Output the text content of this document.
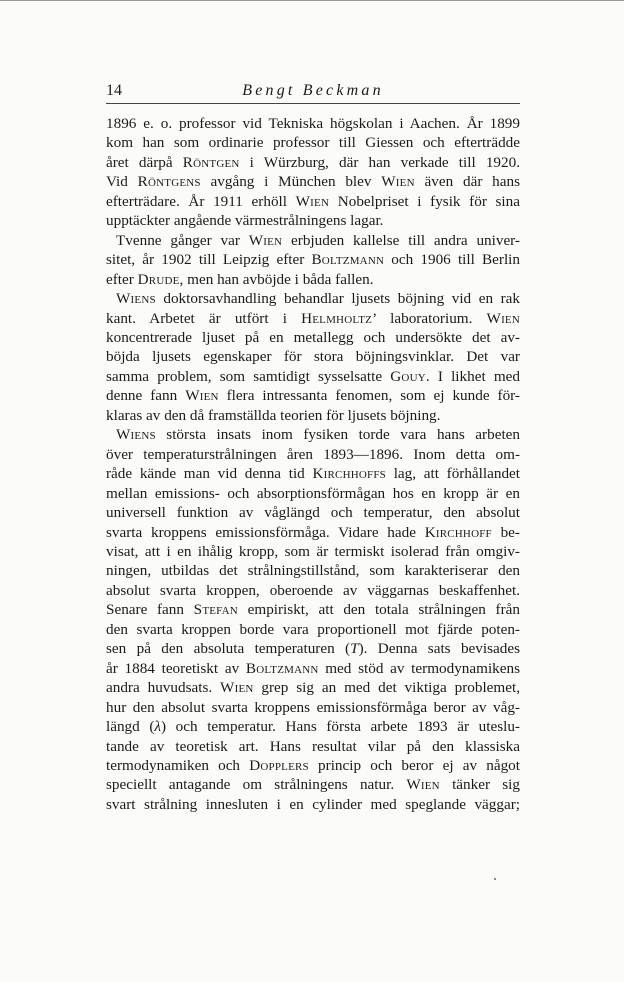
14	Bengt Beckman
1896 e. o. professor vid Tekniska högskolan i Aachen. År 1899
kom han som ordinarie professor till Giessen och efterträdde
året därpå Röntgen i Würzburg, där han verkade till 1920.
Vid Röntgens avgång i München blev Wien även där hans
efterträdare. År 1911 erhöll Wien Nobelpriset i fysik för sina
upptäckter angående värmestrålningens lagar.
Tvenne gånger var Wien erbjuden kallelse till andra univer-
sitet, år 1902 till Leipzig efter Boltzmann och 1906 till Berlin
efter Drude, men han avböjde i båda fallen.
Wiens doktorsavhandling behandlar ljusets böjning vid en rak
kant. Arbetet är utfört i Helmholtz’ laboratorium. Wien
koncentrerade ljuset på en metallegg och undersökte det av-
böjda ljusets egenskaper för stora böjningsvinklar. Det var
samma problem, som samtidigt sysselsatte Gouy. I likhet med
denne fann Wien flera intressanta fenomen, som ej kunde för-
klaras av den då framställda teorien för ljusets böjning.
Wiens största insats inom fysiken torde vara hans arbeten
över temperaturstrålningen åren 1893—1896. Inom detta om-
råde kände man vid denna tid Kirchhoffs lag, att förhållandet
mellan emissions- och absorptionsförmågan hos en kropp är en
universell funktion av våglängd och temperatur, den absolut
svarta kroppens emissionsförmåga. Vidare hade Kirchhoff be-
visat, att i en ihålig kropp, som är termiskt isolerad från omgiv-
ningen, utbildas det strålningstillstånd, som karakteriserar den
absolut svarta kroppen, oberoende av väggarnas beskaffenhet.
Senare fann Stefan empiriskt, att den totala strålningen från
den svarta kroppen borde vara proportionell mot fjärde poten-
sen på den absoluta temperaturen (T). Denna sats bevisades
år 1884 teoretiskt av Boltzmann med stöd av termodynamikens
andra huvudsats. Wien grep sig an med det viktiga problemet,
hur den absolut svarta kroppens emissionsförmåga beror av våg-
längd (λ) och temperatur. Hans första arbete 1893 är uteslu-
tande av teoretisk art. Hans resultat vilar på den klassiska
termodynamiken och Dopplers princip och beror ej av något
speciellt antagande om strålningens natur. Wien tänker sig
svart strålning innesluten i en cylinder med speglande väggar;
